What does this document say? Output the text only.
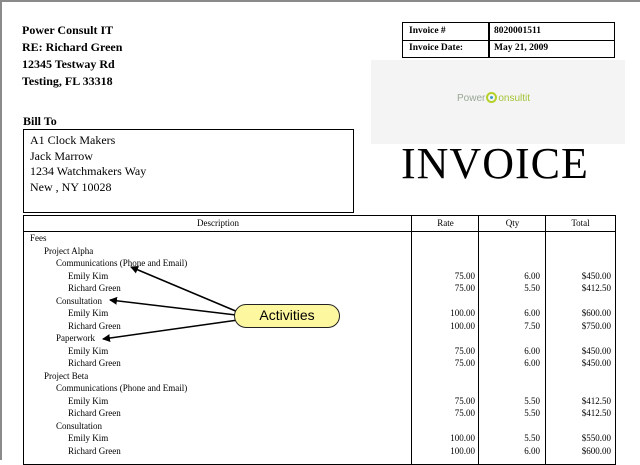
Power Consult IT
RE: Richard Green
12345 Testway Rd
Testing, FL 33318
Invoice #	8020001511
Invoice Date:	May 21, 2009
Power onsultit
INVOICE
Bill To
A1 Clock Makers
Jack Marrow
1234 Watchmakers Way
New , NY 10028
Description	Rate	Qty	Total
Fees
Project Alpha
Communications (Phone and Email)
Emily Kim	75.00	6.00	$450.00
Richard Green	75.00	5.50	$412.50
Consultation
Emily Kim	100.00	6.00	$600.00
Richard Green	100.00	7.50	$750.00
Paperwork
Emily Kim	75.00	6.00	$450.00
Richard Green	75.00	6.00	$450.00
Project Beta
Communications (Phone and Email)
Emily Kim	75.00	5.50	$412.50
Richard Green	75.00	5.50	$412.50
Consultation
Emily Kim	100.00	5.50	$550.00
Richard Green	100.00	6.00	$600.00
Activities
